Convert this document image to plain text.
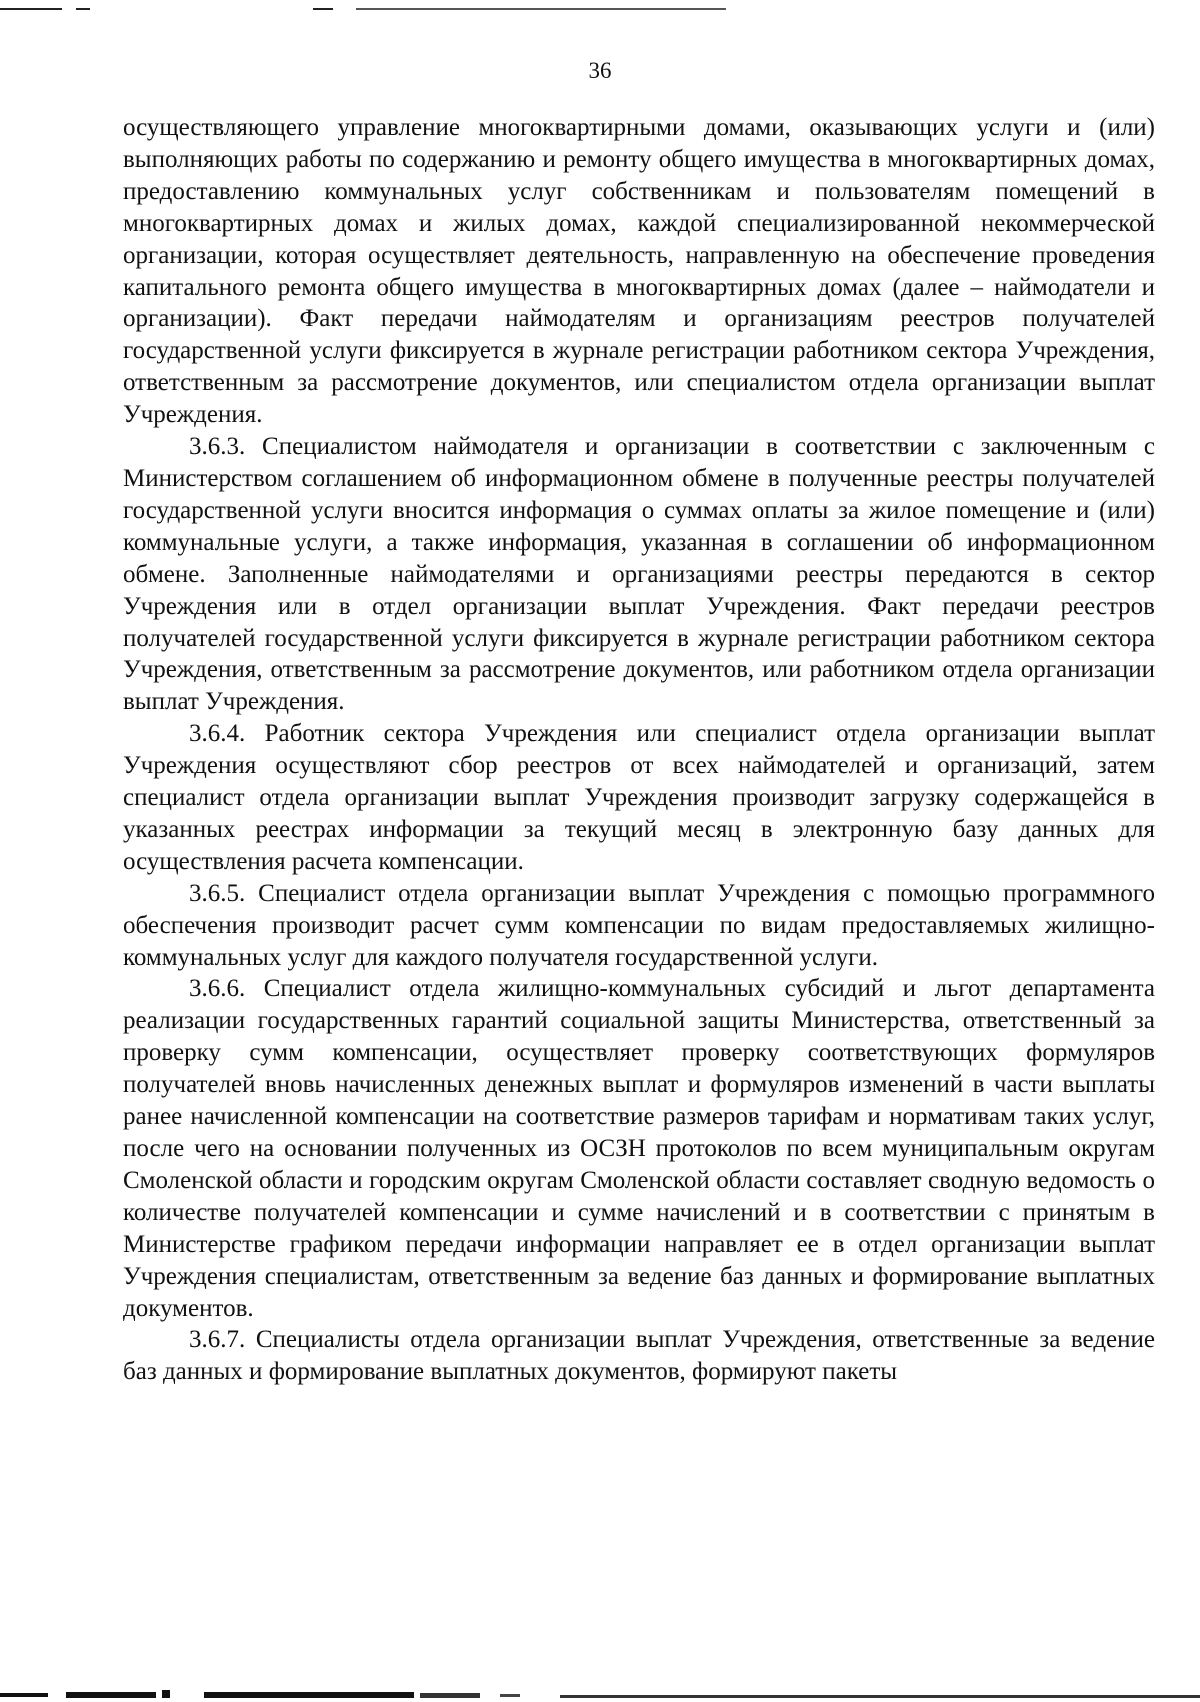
36

осуществляющего управление многоквартирными домами, оказывающих услуги и (или) выполняющих работы по содержанию и ремонту общего имущества в многоквартирных домах, предоставлению коммунальных услуг собственникам и пользователям помещений в многоквартирных домах и жилых домах, каждой специализированной некоммерческой организации, которая осуществляет деятельность, направленную на обеспечение проведения капитального ремонта общего имущества в многоквартирных домах (далее – наймодатели и организации). Факт передачи наймодателям и организациям реестров получателей государственной услуги фиксируется в журнале регистрации работником сектора Учреждения, ответственным за рассмотрение документов, или специалистом отдела организации выплат Учреждения.

3.6.3. Специалистом наймодателя и организации в соответствии с заключенным с Министерством соглашением об информационном обмене в полученные реестры получателей государственной услуги вносится информация о суммах оплаты за жилое помещение и (или) коммунальные услуги, а также информация, указанная в соглашении об информационном обмене. Заполненные наймодателями и организациями реестры передаются в сектор Учреждения или в отдел организации выплат Учреждения. Факт передачи реестров получателей государственной услуги фиксируется в журнале регистрации работником сектора Учреждения, ответственным за рассмотрение документов, или работником отдела организации выплат Учреждения.

3.6.4. Работник сектора Учреждения или специалист отдела организации выплат Учреждения осуществляют сбор реестров от всех наймодателей и организаций, затем специалист отдела организации выплат Учреждения производит загрузку содержащейся в указанных реестрах информации за текущий месяц в электронную базу данных для осуществления расчета компенсации.

3.6.5. Специалист отдела организации выплат Учреждения с помощью программного обеспечения производит расчет сумм компенсации по видам предоставляемых жилищно-коммунальных услуг для каждого получателя государственной услуги.

3.6.6. Специалист отдела жилищно-коммунальных субсидий и льгот департамента реализации государственных гарантий социальной защиты Министерства, ответственный за проверку сумм компенсации, осуществляет проверку соответствующих формуляров получателей вновь начисленных денежных выплат и формуляров изменений в части выплаты ранее начисленной компенсации на соответствие размеров тарифам и нормативам таких услуг, после чего на основании полученных из ОСЗН протоколов по всем муниципальным округам Смоленской области и городским округам Смоленской области составляет сводную ведомость о количестве получателей компенсации и сумме начислений и в соответствии с принятым в Министерстве графиком передачи информации направляет ее в отдел организации выплат Учреждения специалистам, ответственным за ведение баз данных и формирование выплатных документов.

3.6.7. Специалисты отдела организации выплат Учреждения, ответственные за ведение баз данных и формирование выплатных документов, формируют пакеты
